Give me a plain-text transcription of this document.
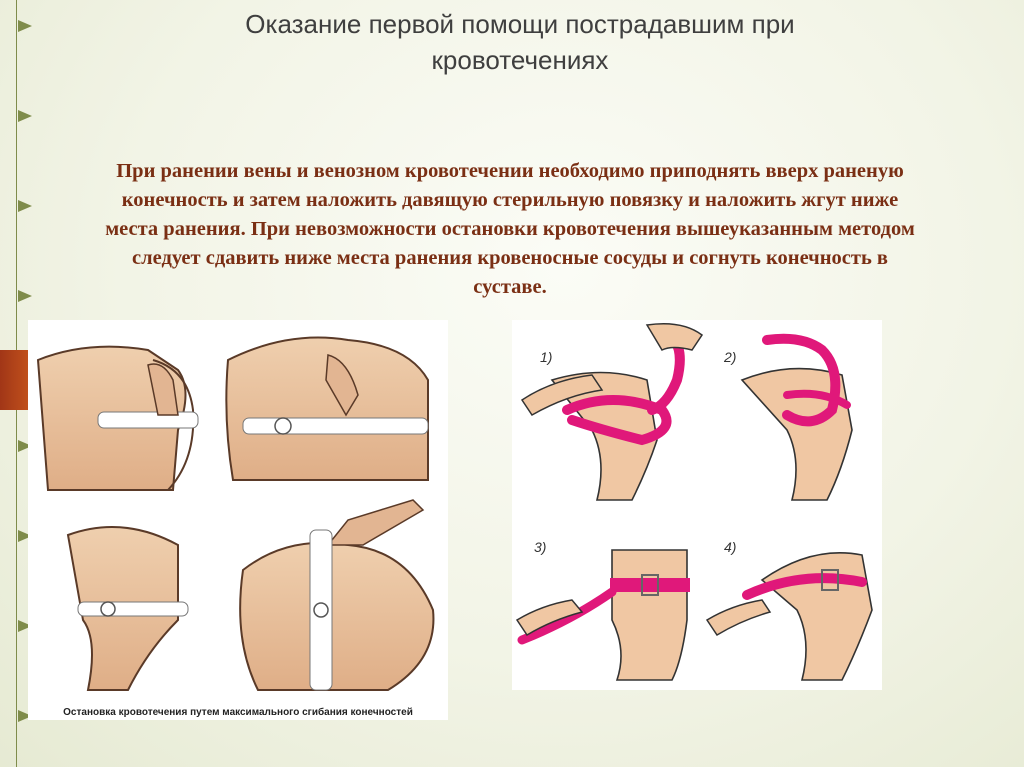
Оказание первой помощи пострадавшим при
кровотечениях
Остановка кровотечения путем максимального сгибания конечностей
1)	2)
3)	4)
При ранении вены и венозном кровотечении необходимо приподнять вверх раненую конечность и затем наложить давящую стерильную повязку и наложить жгут ниже места ранения. При невозможности остановки кровотечения вышеуказанным методом следует сдавить ниже места ранения кровеносные сосуды и согнуть конечность в суставе.
